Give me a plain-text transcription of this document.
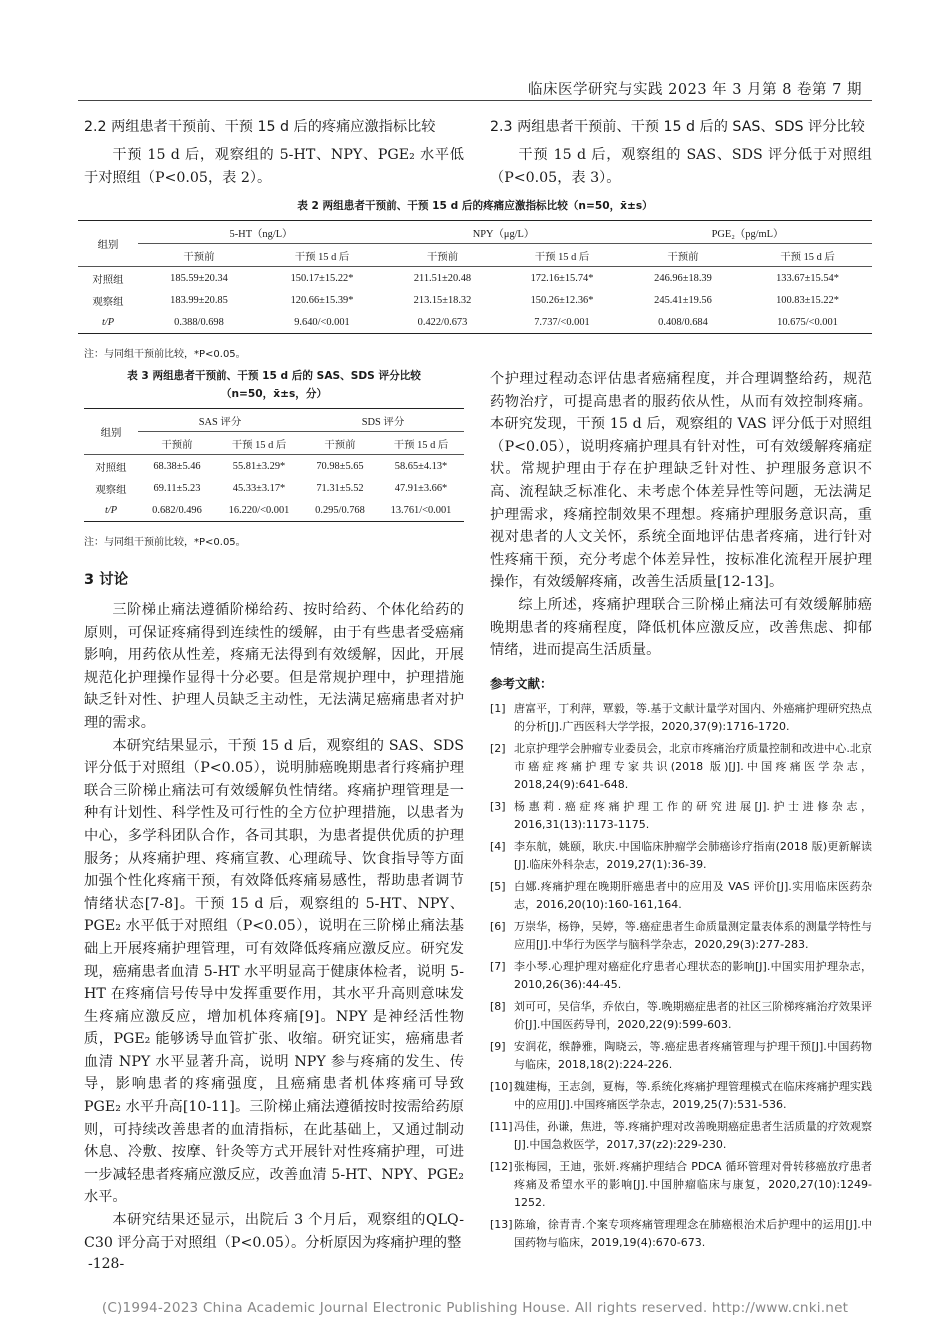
临床医学研究与实践 2023 年 3 月第 8 卷第 7 期
2.2 两组患者干预前、干预 15 d 后的疼痛应激指标比较

干预 15 d 后，观察组的 5-HT、NPY、PGE₂ 水平低于对照组（P<0.05，表 2）。

2.3 两组患者干预前、干预 15 d 后的 SAS、SDS 评分比较

干预 15 d 后，观察组的 SAS、SDS 评分低于对照组（P<0.05，表 3）。

表 2 两组患者干预前、干预 15 d 后的疼痛应激指标比较（n=50，x̄±s）
组别	5-HT（ng/L）		NPY（μg/L）		PGE₂（pg/mL）	
	干预前	干预 15 d 后	干预前	干预 15 d 后	干预前	干预 15 d 后
对照组	185.59±20.34	150.17±15.22*	211.51±20.48	172.16±15.74*	246.96±18.39	133.67±15.54*
观察组	183.99±20.85	120.66±15.39*	213.15±18.32	150.26±12.36*	245.41±19.56	100.83±15.22*
t/P	0.388/0.698	9.640/<0.001	0.422/0.673	7.737/<0.001	0.408/0.684	10.675/<0.001
注：与同组干预前比较，*P<0.05。
表 3 两组患者干预前、干预 15 d 后的 SAS、SDS 评分比较
（n=50，x̄±s，分）
组别	SAS 评分		SDS 评分	
	干预前	干预 15 d 后	干预前	干预 15 d 后
对照组	68.38±5.46	55.81±3.29*	70.98±5.65	58.65±4.13*
观察组	69.11±5.23	45.33±3.17*	71.31±5.52	47.91±3.66*
t/P	0.682/0.496	16.220/<0.001	0.295/0.768	13.761/<0.001
注：与同组干预前比较，*P<0.05。
3 讨论

三阶梯止痛法遵循阶梯给药、按时给药、个体化给药的原则，可保证疼痛得到连续性的缓解，由于有些患者受癌痛影响，用药依从性差，疼痛无法得到有效缓解，因此，开展规范化护理操作显得十分必要。但是常规护理中，护理措施缺乏针对性、护理人员缺乏主动性，无法满足癌痛患者对护理的需求。

本研究结果显示，干预 15 d 后，观察组的 SAS、SDS 评分低于对照组（P<0.05），说明肺癌晚期患者行疼痛护理联合三阶梯止痛法可有效缓解负性情绪。疼痛护理管理是一种有计划性、科学性及可行性的全方位护理措施，以患者为中心，多学科团队合作，各司其职，为患者提供优质的护理服务；从疼痛护理、疼痛宣教、心理疏导、饮食指导等方面加强个性化疼痛干预，有效降低疼痛易感性，帮助患者调节情绪状态[7-8]。干预 15 d 后，观察组的 5-HT、NPY、PGE₂ 水平低于对照组（P<0.05），说明在三阶梯止痛法基础上开展疼痛护理管理，可有效降低疼痛应激反应。研究发现，癌痛患者血清 5-HT 水平明显高于健康体检者，说明 5-HT 在疼痛信号传导中发挥重要作用，其水平升高则意味发生疼痛应激反应，增加机体疼痛[9]。NPY 是神经活性物质，PGE₂ 能够诱导血管扩张、收缩。研究证实，癌痛患者血清 NPY 水平显著升高，说明 NPY 参与疼痛的发生、传导，影响患者的疼痛强度，且癌痛患者机体疼痛可导致 PGE₂ 水平升高[10-11]。三阶梯止痛法遵循按时按需给药原则，可持续改善患者的血清指标，在此基础上，又通过制动休息、冷敷、按摩、针灸等方式开展针对性疼痛护理，可进一步减轻患者疼痛应激反应，改善血清 5-HT、NPY、PGE₂ 水平。

本研究结果还显示，出院后 3 个月后，观察组的QLQ-C30 评分高于对照组（P<0.05）。分析原因为疼痛护理的整

个护理过程动态评估患者癌痛程度，并合理调整给药，规范药物治疗，可提高患者的服药依从性，从而有效控制疼痛。本研究发现，干预 15 d 后，观察组的 VAS 评分低于对照组（P<0.05），说明疼痛护理具有针对性，可有效缓解疼痛症状。常规护理由于存在护理缺乏针对性、护理服务意识不高、流程缺乏标准化、未考虑个体差异性等问题，无法满足护理需求，疼痛控制效果不理想。疼痛护理服务意识高，重视对患者的人文关怀，系统全面地评估患者疼痛，进行针对性疼痛干预，充分考虑个体差异性，按标准化流程开展护理操作，有效缓解疼痛，改善生活质量[12-13]。

综上所述，疼痛护理联合三阶梯止痛法可有效缓解肺癌晚期患者的疼痛程度，降低机体应激反应，改善焦虑、抑郁情绪，进而提高生活质量。

参考文献：
[1] 唐富平，丁利萍，覃毅，等.基于文献计量学对国内、外癌痛护理研究热点的分析[J].广西医科大学学报，2020,37(9):1716-1720.
[2] 北京护理学会肿瘤专业委员会，北京市疼痛治疗质量控制和改进中心.北京市癌症疼痛护理专家共识(2018 版)[J].中国疼痛医学杂志，2018,24(9):641-648.
[3] 杨惠莉.癌症疼痛护理工作的研究进展[J].护士进修杂志，2016,31(13):1173-1175.
[4] 李东航，姚颐，耿庆.中国临床肿瘤学会肺癌诊疗指南(2018 版)更新解读[J].临床外科杂志，2019,27(1):36-39.
[5] 白娜.疼痛护理在晚期肝癌患者中的应用及 VAS 评价[J].实用临床医药杂志，2016,20(10):160-161,164.
[6] 万崇华，杨铮，吴婷，等.癌症患者生命质量测定量表体系的测量学特性与应用[J].中华行为医学与脑科学杂志，2020,29(3):277-283.
[7] 李小琴.心理护理对癌症化疗患者心理状态的影响[J].中国实用护理杂志，2010,26(36):44-45.
[8] 刘可可，吴信华，乔依白，等.晚期癌症患者的社区三阶梯疼痛治疗效果评价[J].中国医药导刊，2020,22(9):599-603.
[9] 安润花，缑静雅，陶晓云，等.癌症患者疼痛管理与护理干预[J].中国药物与临床，2018,18(2):224-226.
[10] 魏建梅，王志剑，夏梅，等.系统化疼痛护理管理模式在临床疼痛护理实践中的应用[J].中国疼痛医学杂志，2019,25(7):531-536.
[11] 冯佳，孙谦，焦进，等.疼痛护理对改善晚期癌症患者生活质量的疗效观察[J].中国急救医学，2017,37(z2):229-230.
[12] 张梅园，王迪，张妍.疼痛护理结合 PDCA 循环管理对骨转移癌放疗患者疼痛及希望水平的影响[J].中国肿瘤临床与康复，2020,27(10):1249-1252.
[13] 陈瑜，徐青青.个案专项疼痛管理理念在肺癌根治术后护理中的运用[J].中国药物与临床，2019,19(4):670-673.
-128-
(C)1994-2023 China Academic Journal Electronic Publishing House. All rights reserved. http://www.cnki.net
